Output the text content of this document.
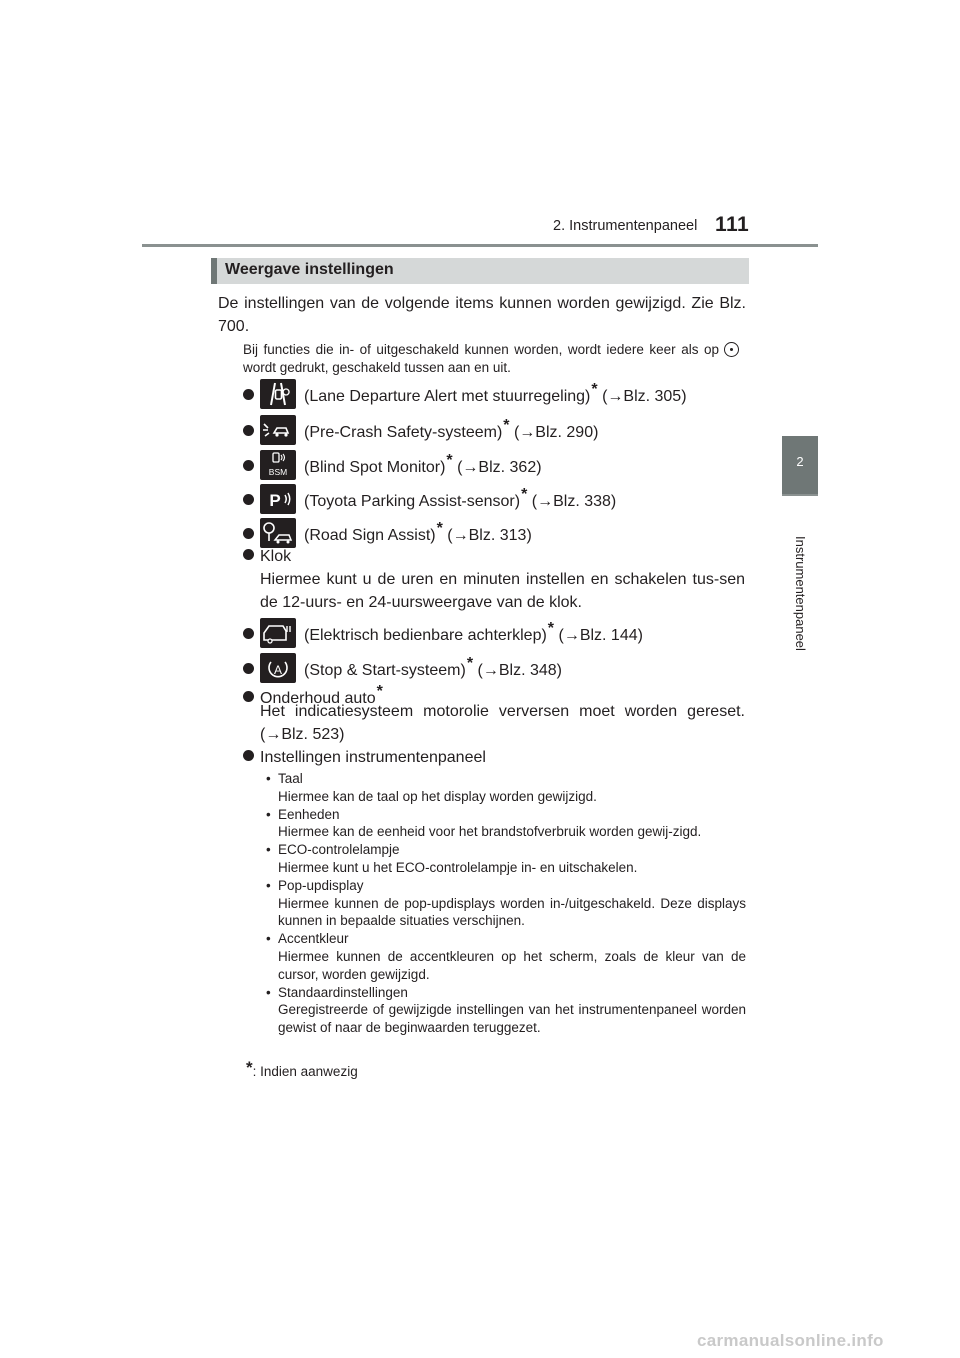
2. Instrumentenpaneel 111
2
Instrumentenpaneel
Weergave instellingen
De instellingen van de volgende items kunnen worden gewijzigd. Zie Blz. 700.
Bij functies die in- of uitgeschakeld kunnen worden, wordt iedere keer als opwordt gedrukt, geschakeld tussen aan en uit.
(Lane Departure Alert met stuurregeling)* (→Blz. 305)
(Pre-Crash Safety-systeem)* (→Blz. 290)
BSM (Blind Spot Monitor)* (→Blz. 362)
P (Toyota Parking Assist-sensor)* (→Blz. 338)
(Road Sign Assist)* (→Blz. 313)
Klok
Hiermee kunt u de uren en minuten instellen en schakelen tus-sen de 12-uurs- en 24-uursweergave van de klok.
(Elektrisch bedienbare achterklep)* (→Blz. 144)
A (Stop & Start-systeem)* (→Blz. 348)
Onderhoud auto*
Het indicatiesysteem motorolie verversen moet worden gereset. (→Blz. 523)
Instellingen instrumentenpaneel
• Taal
Hiermee kan de taal op het display worden gewijzigd.
• Eenheden
Hiermee kan de eenheid voor het brandstofverbruik worden gewij-zigd.
• ECO-controlelampje
Hiermee kunt u het ECO-controlelampje in- en uitschakelen.
• Pop-updisplay
Hiermee kunnen de pop-updisplays worden in-/uitgeschakeld. Deze displays kunnen in bepaalde situaties verschijnen.
• Accentkleur
Hiermee kunnen de accentkleuren op het scherm, zoals de kleur van de cursor, worden gewijzigd.
• Standaardinstellingen
Geregistreerde of gewijzigde instellingen van het instrumentenpaneel worden gewist of naar de beginwaarden teruggezet.
*: Indien aanwezig
carmanualsonline.info
